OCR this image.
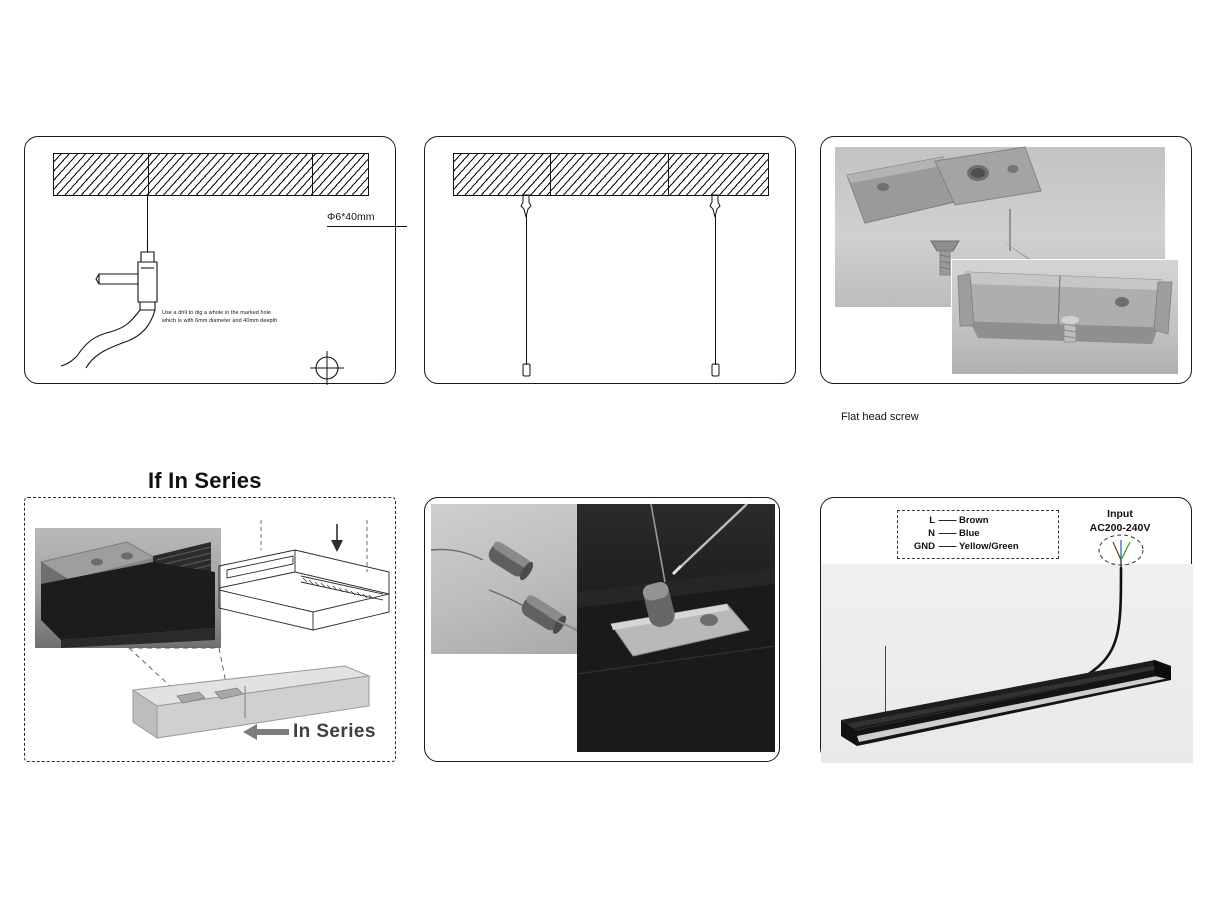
Use a drill to dig a whole in the marked hole which is with 6mm diameter and 40mm deepth
Φ6*40mm
Flat head screw
If In Series
In Series
L —— Brown
N —— Blue
GND —— Yellow/Green
Input
AC200-240V
